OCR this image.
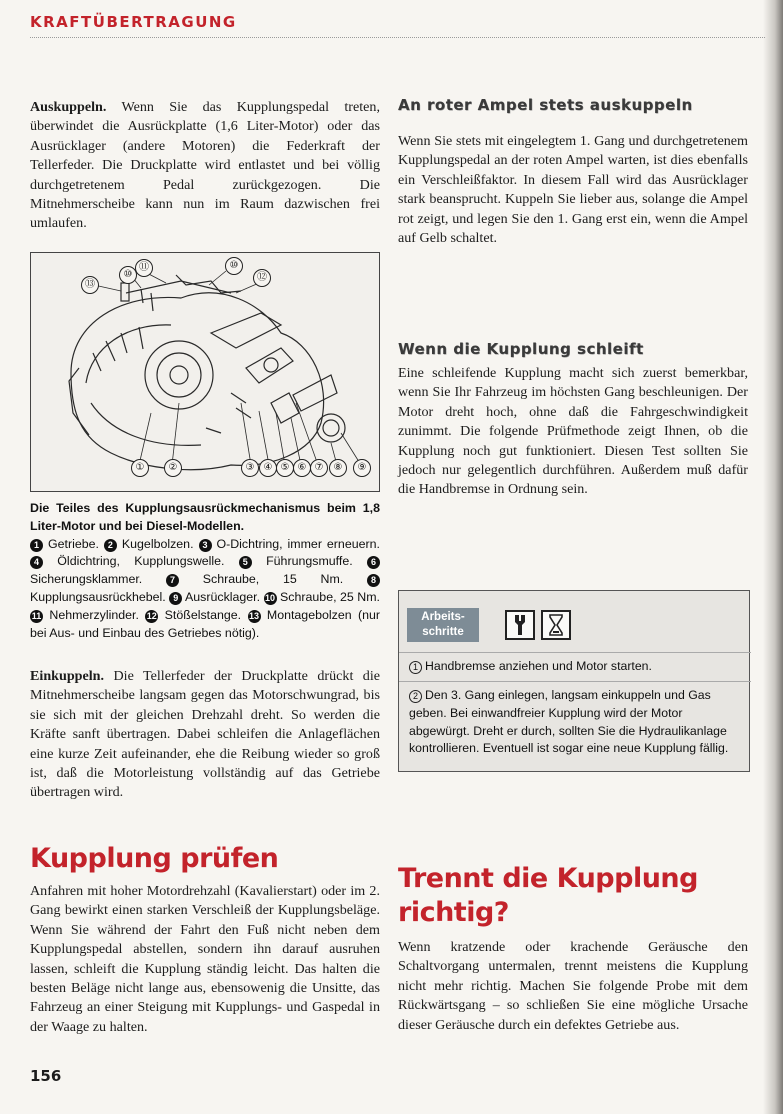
KRAFTÜBERTRAGUNG

Auskuppeln. Wenn Sie das Kupplungspedal treten, überwindet die Ausrückplatte (1,6 Liter-Motor) oder das Ausrücklager (andere Motoren) die Federkraft der Tellerfeder. Die Druckplatte wird entlastet und bei völlig durchgetretenem Pedal zurückgezogen. Die Mitnehmerscheibe kann nun im Raum dazwischen frei umlaufen.

⑪
⑩
⑩
⑫
⑬
①	②	③ ④ ⑤ ⑥ ⑦	⑧	⑨

Die Teiles des Kupplungsausrückmechanismus beim 1,8 Liter-Motor und bei Diesel-Modellen.
1 Getriebe. 2 Kugelbolzen. 3 O-Dichtring, immer erneuern. 4 Öldichtring, Kupplungswelle. 5 Führungsmuffe. 6 Sicherungsklammer.	7 Schraube, 15 Nm.	8 Kupplungsausrückhebel. 9 Ausrücklager. 10 Schraube, 25 Nm. 11 Nehmerzylinder. 12 Stößelstange. 13 Montagebolzen (nur bei Aus- und Einbau des Getriebes nötig).

Einkuppeln. Die Tellerfeder der Druckplatte drückt die Mitnehmerscheibe langsam gegen das Motorschwungrad, bis sie sich mit der gleichen Drehzahl dreht. So werden die Kräfte sanft übertragen. Dabei schleifen die Anlageflächen eine kurze Zeit aufeinander, ehe die Reibung wieder so groß ist, daß die Motorleistung vollständig auf das Getriebe übertragen wird.

Kupplung prüfen

Anfahren mit hoher Motordrehzahl (Kavalierstart) oder im 2. Gang bewirkt einen starken Verschleiß der Kupplungsbeläge. Wenn Sie während der Fahrt den Fuß nicht neben dem Kupplungspedal abstellen, sondern ihn darauf ausruhen lassen, schleift die Kupplung ständig leicht. Das halten die besten Beläge nicht lange aus, ebensowenig die Unsitte, das Fahrzeug an einer Steigung mit Kupplungs- und Gaspedal in der Waage zu halten.

An roter Ampel stets auskuppeln

Wenn Sie stets mit eingelegtem 1. Gang und durchgetretenem Kupplungspedal an der roten Ampel warten, ist dies ebenfalls ein Verschleißfaktor. In diesem Fall wird das Ausrücklager stark beansprucht. Kuppeln Sie lieber aus, solange die Ampel rot zeigt, und legen Sie den 1. Gang erst ein, wenn die Ampel auf Gelb schaltet.

Wenn die Kupplung schleift

Eine schleifende Kupplung macht sich zuerst bemerkbar, wenn Sie Ihr Fahrzeug im höchsten Gang beschleunigen. Der Motor dreht hoch, ohne daß die Fahrgeschwindigkeit zunimmt. Die folgende Prüfmethode zeigt Ihnen, ob die Kupplung noch gut funktioniert. Diesen Test sollten Sie jedoch nur gelegentlich durchführen. Außerdem muß dafür die Handbremse in Ordnung sein.

Arbeits-
schritte
1 Handbremse anziehen und Motor starten.
2 Den 3. Gang einlegen, langsam einkuppeln und Gas geben. Bei einwandfreier Kupplung wird der Motor abgewürgt. Dreht er durch, sollten Sie die Hydraulikanlage kontrollieren. Eventuell ist sogar eine neue Kupplung fällig.
Trennt die Kupplung richtig?

Wenn kratzende oder krachende Geräusche den Schaltvorgang untermalen, trennt meistens die Kupplung nicht mehr richtig. Machen Sie folgende Probe mit dem Rückwärtsgang – so schließen Sie eine mögliche Ursache dieser Geräusche durch ein defektes Getriebe aus.

156
